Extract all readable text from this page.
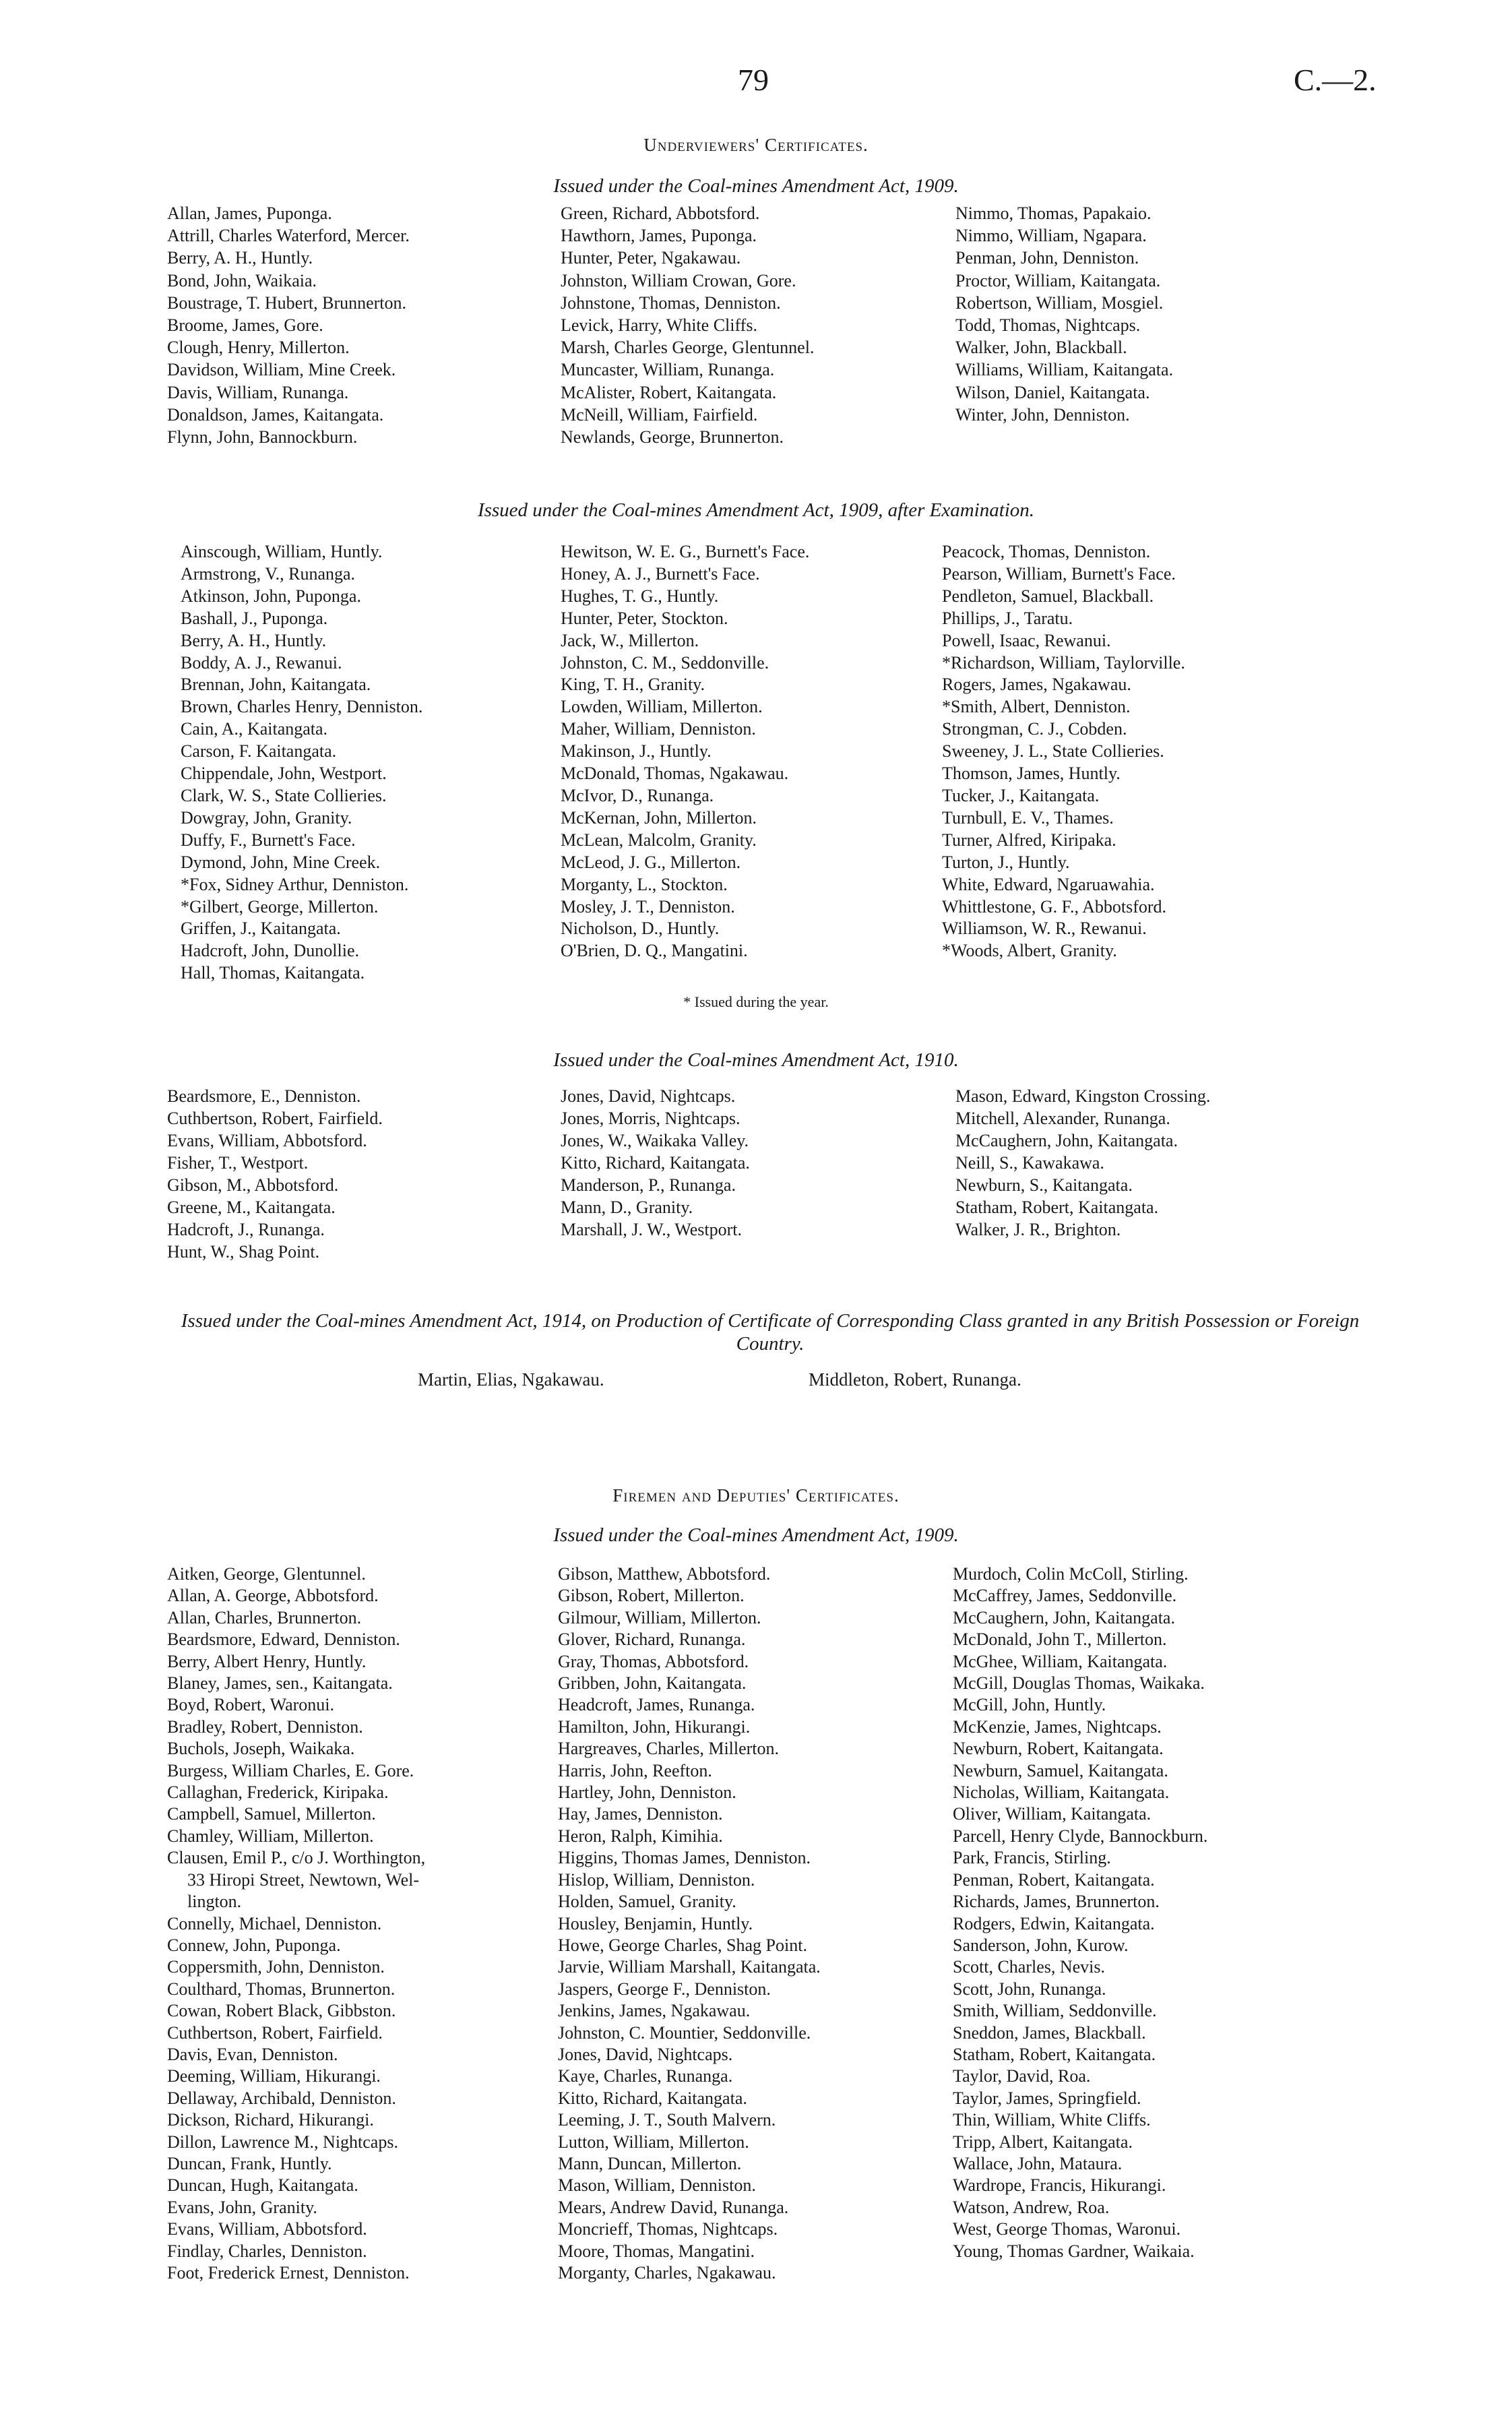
79	C.—2.
Underviewers' Certificates.
Issued under the Coal-mines Amendment Act, 1909.
Allan, James, Puponga.
Attrill, Charles Waterford, Mercer.
Berry, A. H., Huntly.
Bond, John, Waikaia.
Boustrage, T. Hubert, Brunnerton.
Broome, James, Gore.
Clough, Henry, Millerton.
Davidson, William, Mine Creek.
Davis, William, Runanga.
Donaldson, James, Kaitangata.
Flynn, John, Bannockburn.
Green, Richard, Abbotsford.
Hawthorn, James, Puponga.
Hunter, Peter, Ngakawau.
Johnston, William Crowan, Gore.
Johnstone, Thomas, Denniston.
Levick, Harry, White Cliffs.
Marsh, Charles George, Glentunnel.
Muncaster, William, Runanga.
McAlister, Robert, Kaitangata.
McNeill, William, Fairfield.
Newlands, George, Brunnerton.
Nimmo, Thomas, Papakaio.
Nimmo, William, Ngapara.
Penman, John, Denniston.
Proctor, William, Kaitangata.
Robertson, William, Mosgiel.
Todd, Thomas, Nightcaps.
Walker, John, Blackball.
Williams, William, Kaitangata.
Wilson, Daniel, Kaitangata.
Winter, John, Denniston.
Issued under the Coal-mines Amendment Act, 1909, after Examination.
Ainscough, William, Huntly.
Armstrong, V., Runanga.
Atkinson, John, Puponga.
Bashall, J., Puponga.
Berry, A. H., Huntly.
Boddy, A. J., Rewanui.
Brennan, John, Kaitangata.
Brown, Charles Henry, Denniston.
Cain, A., Kaitangata.
Carson, F. Kaitangata.
Chippendale, John, Westport.
Clark, W. S., State Collieries.
Dowgray, John, Granity.
Duffy, F., Burnett's Face.
Dymond, John, Mine Creek.
*Fox, Sidney Arthur, Denniston.
*Gilbert, George, Millerton.
Griffen, J., Kaitangata.
Hadcroft, John, Dunollie.
Hall, Thomas, Kaitangata.
Hewitson, W. E. G., Burnett's Face.
Honey, A. J., Burnett's Face.
Hughes, T. G., Huntly.
Hunter, Peter, Stockton.
Jack, W., Millerton.
Johnston, C. M., Seddonville.
King, T. H., Granity.
Lowden, William, Millerton.
Maher, William, Denniston.
Makinson, J., Huntly.
McDonald, Thomas, Ngakawau.
McIvor, D., Runanga.
McKernan, John, Millerton.
McLean, Malcolm, Granity.
McLeod, J. G., Millerton.
Morganty, L., Stockton.
Mosley, J. T., Denniston.
Nicholson, D., Huntly.
O'Brien, D. Q., Mangatini.
Peacock, Thomas, Denniston.
Pearson, William, Burnett's Face.
Pendleton, Samuel, Blackball.
Phillips, J., Taratu.
Powell, Isaac, Rewanui.
*Richardson, William, Taylorville.
Rogers, James, Ngakawau.
*Smith, Albert, Denniston.
Strongman, C. J., Cobden.
Sweeney, J. L., State Collieries.
Thomson, James, Huntly.
Tucker, J., Kaitangata.
Turnbull, E. V., Thames.
Turner, Alfred, Kiripaka.
Turton, J., Huntly.
White, Edward, Ngaruawahia.
Whittlestone, G. F., Abbotsford.
Williamson, W. R., Rewanui.
*Woods, Albert, Granity.
* Issued during the year.
Issued under the Coal-mines Amendment Act, 1910.
Beardsmore, E., Denniston.
Cuthbertson, Robert, Fairfield.
Evans, William, Abbotsford.
Fisher, T., Westport.
Gibson, M., Abbotsford.
Greene, M., Kaitangata.
Hadcroft, J., Runanga.
Hunt, W., Shag Point.
Jones, David, Nightcaps.
Jones, Morris, Nightcaps.
Jones, W., Waikaka Valley.
Kitto, Richard, Kaitangata.
Manderson, P., Runanga.
Mann, D., Granity.
Marshall, J. W., Westport.
Mason, Edward, Kingston Crossing.
Mitchell, Alexander, Runanga.
McCaughern, John, Kaitangata.
Neill, S., Kawakawa.
Newburn, S., Kaitangata.
Statham, Robert, Kaitangata.
Walker, J. R., Brighton.
Issued under the Coal-mines Amendment Act, 1914, on Production of Certificate of Corresponding Class granted in any British Possession or Foreign Country.
Martin, Elias, Ngakawau.	Middleton, Robert, Runanga.
Firemen and Deputies' Certificates.
Issued under the Coal-mines Amendment Act, 1909.
Aitken, George, Glentunnel.
Allan, A. George, Abbotsford.
Allan, Charles, Brunnerton.
Beardsmore, Edward, Denniston.
Berry, Albert Henry, Huntly.
Blaney, James, sen., Kaitangata.
Boyd, Robert, Waronui.
Bradley, Robert, Denniston.
Buchols, Joseph, Waikaka.
Burgess, William Charles, E. Gore.
Callaghan, Frederick, Kiripaka.
Campbell, Samuel, Millerton.
Chamley, William, Millerton.
Clausen, Emil P., c/o J. Worthington,
33 Hiropi Street, Newtown, Wel-
lington.
Connelly, Michael, Denniston.
Connew, John, Puponga.
Coppersmith, John, Denniston.
Coulthard, Thomas, Brunnerton.
Cowan, Robert Black, Gibbston.
Cuthbertson, Robert, Fairfield.
Davis, Evan, Denniston.
Deeming, William, Hikurangi.
Dellaway, Archibald, Denniston.
Dickson, Richard, Hikurangi.
Dillon, Lawrence M., Nightcaps.
Duncan, Frank, Huntly.
Duncan, Hugh, Kaitangata.
Evans, John, Granity.
Evans, William, Abbotsford.
Findlay, Charles, Denniston.
Foot, Frederick Ernest, Denniston.
Gibson, Matthew, Abbotsford.
Gibson, Robert, Millerton.
Gilmour, William, Millerton.
Glover, Richard, Runanga.
Gray, Thomas, Abbotsford.
Gribben, John, Kaitangata.
Headcroft, James, Runanga.
Hamilton, John, Hikurangi.
Hargreaves, Charles, Millerton.
Harris, John, Reefton.
Hartley, John, Denniston.
Hay, James, Denniston.
Heron, Ralph, Kimihia.
Higgins, Thomas James, Denniston.
Hislop, William, Denniston.
Holden, Samuel, Granity.
Housley, Benjamin, Huntly.
Howe, George Charles, Shag Point.
Jarvie, William Marshall, Kaitangata.
Jaspers, George F., Denniston.
Jenkins, James, Ngakawau.
Johnston, C. Mountier, Seddonville.
Jones, David, Nightcaps.
Kaye, Charles, Runanga.
Kitto, Richard, Kaitangata.
Leeming, J. T., South Malvern.
Lutton, William, Millerton.
Mann, Duncan, Millerton.
Mason, William, Denniston.
Mears, Andrew David, Runanga.
Moncrieff, Thomas, Nightcaps.
Moore, Thomas, Mangatini.
Morganty, Charles, Ngakawau.
Murdoch, Colin McColl, Stirling.
McCaffrey, James, Seddonville.
McCaughern, John, Kaitangata.
McDonald, John T., Millerton.
McGhee, William, Kaitangata.
McGill, Douglas Thomas, Waikaka.
McGill, John, Huntly.
McKenzie, James, Nightcaps.
Newburn, Robert, Kaitangata.
Newburn, Samuel, Kaitangata.
Nicholas, William, Kaitangata.
Oliver, William, Kaitangata.
Parcell, Henry Clyde, Bannockburn.
Park, Francis, Stirling.
Penman, Robert, Kaitangata.
Richards, James, Brunnerton.
Rodgers, Edwin, Kaitangata.
Sanderson, John, Kurow.
Scott, Charles, Nevis.
Scott, John, Runanga.
Smith, William, Seddonville.
Sneddon, James, Blackball.
Statham, Robert, Kaitangata.
Taylor, David, Roa.
Taylor, James, Springfield.
Thin, William, White Cliffs.
Tripp, Albert, Kaitangata.
Wallace, John, Mataura.
Wardrope, Francis, Hikurangi.
Watson, Andrew, Roa.
West, George Thomas, Waronui.
Young, Thomas Gardner, Waikaia.
